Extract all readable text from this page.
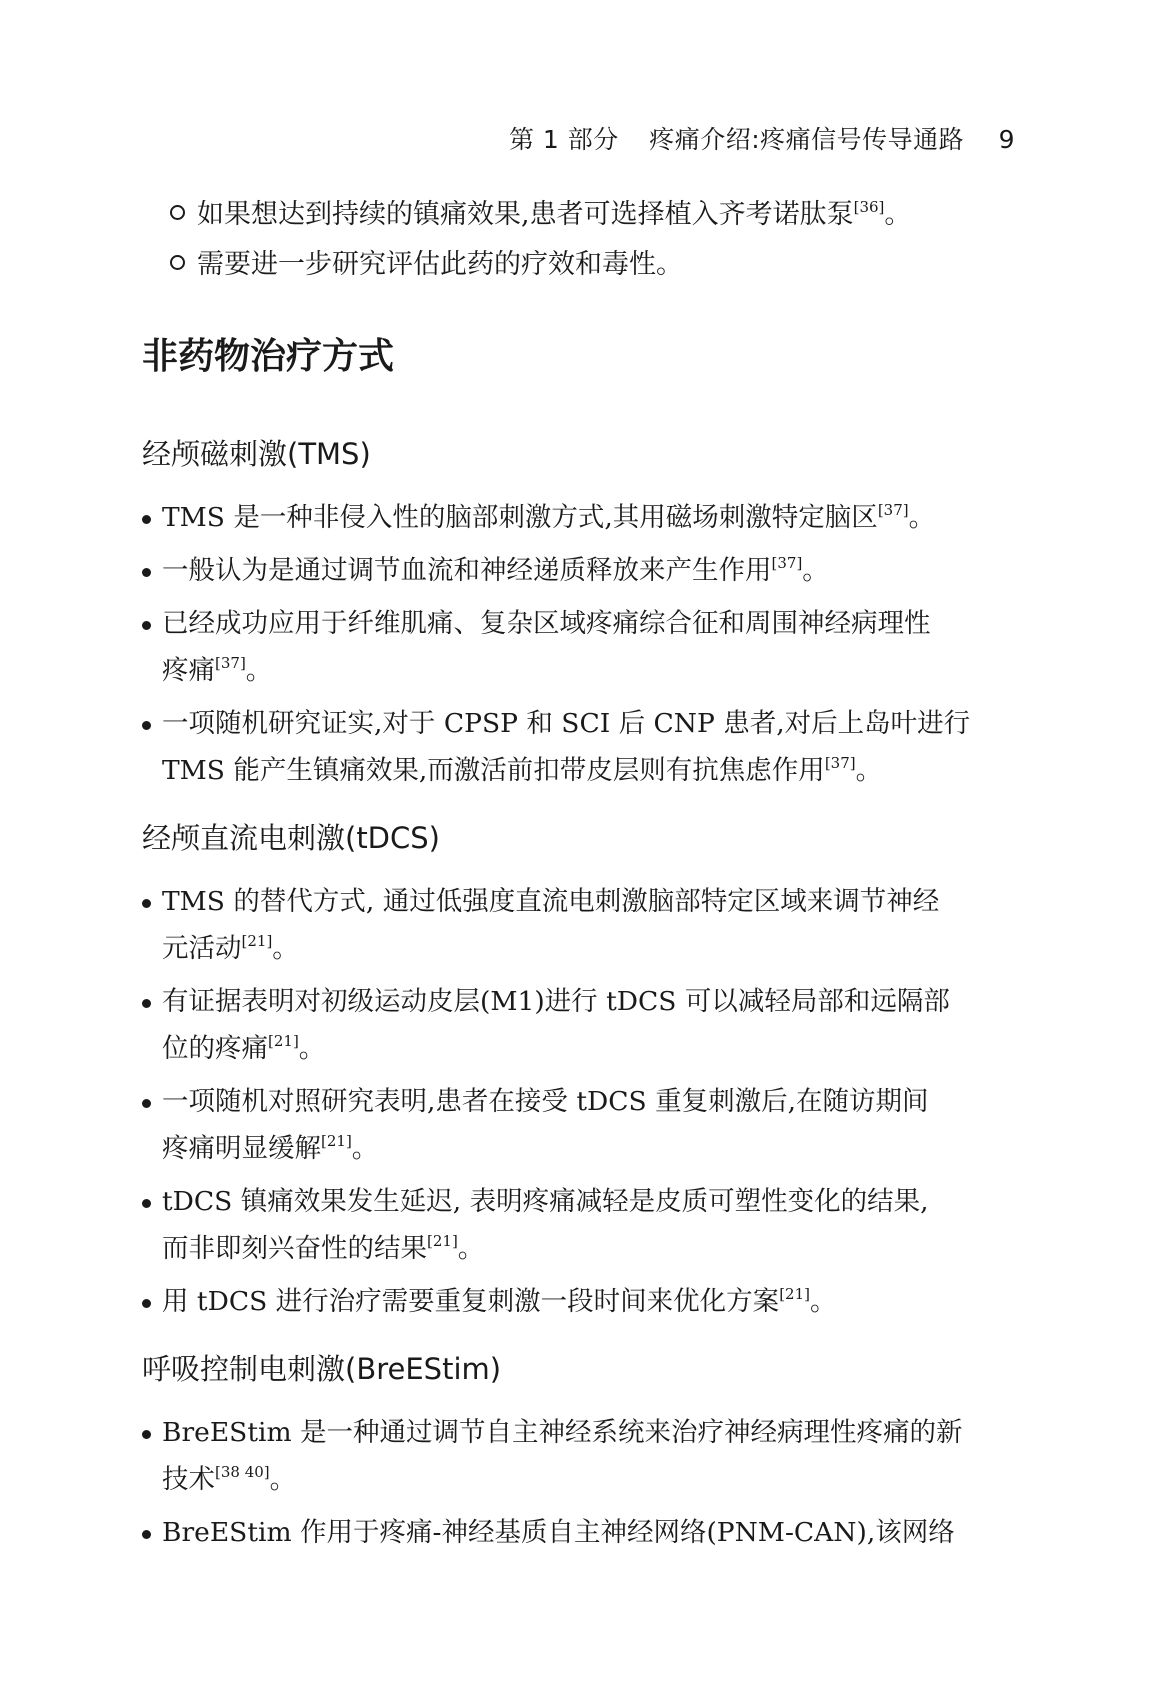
第 1 部分 疼痛介绍:疼痛信号传导通路 9
如果想达到持续的镇痛效果,患者可选择植入齐考诺肽泵[36]。
需要进一步研究评估此药的疗效和毒性。
非药物治疗方式
经颅磁刺激(TMS)
TMS 是一种非侵入性的脑部刺激方式,其用磁场刺激特定脑区[37]。
一般认为是通过调节血流和神经递质释放来产生作用[37]。
已经成功应用于纤维肌痛、复杂区域疼痛综合征和周围神经病理性
疼痛[37]。
一项随机研究证实,对于 CPSP 和 SCI 后 CNP 患者,对后上岛叶进行
TMS 能产生镇痛效果,而激活前扣带皮层则有抗焦虑作用[37]。
经颅直流电刺激(tDCS)
TMS 的替代方式, 通过低强度直流电刺激脑部特定区域来调节神经
元活动[21]。
有证据表明对初级运动皮层(M1)进行 tDCS 可以减轻局部和远隔部
位的疼痛[21]。
一项随机对照研究表明,患者在接受 tDCS 重复刺激后,在随访期间
疼痛明显缓解[21]。
tDCS 镇痛效果发生延迟, 表明疼痛减轻是皮质可塑性变化的结果,
而非即刻兴奋性的结果[21]。
用 tDCS 进行治疗需要重复刺激一段时间来优化方案[21]。
呼吸控制电刺激(BreEStim)
BreEStim 是一种通过调节自主神经系统来治疗神经病理性疼痛的新
技术[38 40]。
BreEStim 作用于疼痛-神经基质自主神经网络(PNM-CAN),该网络
